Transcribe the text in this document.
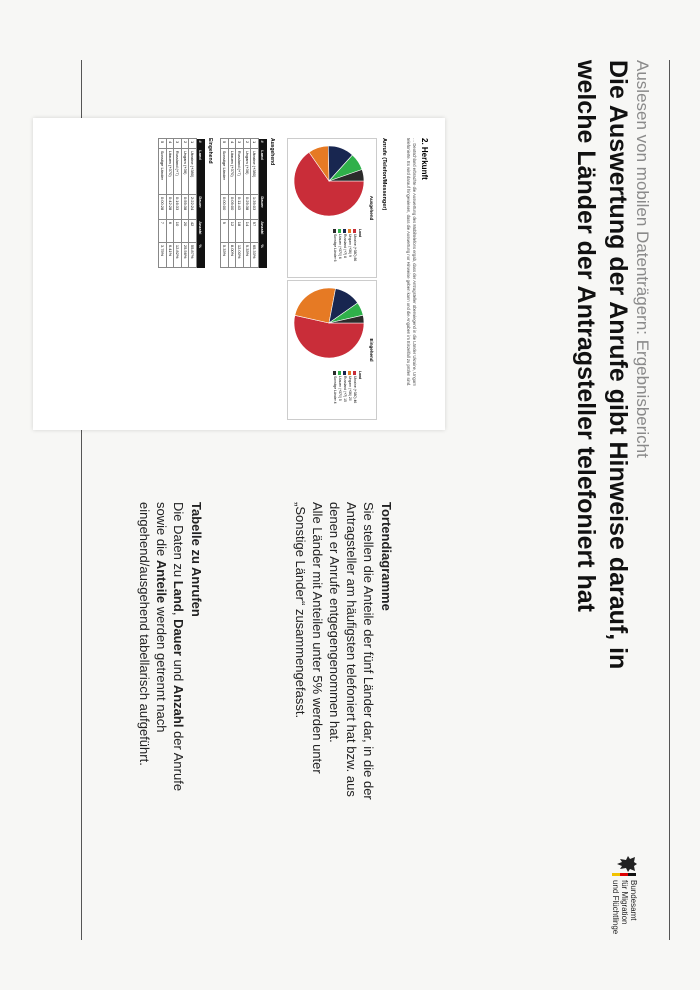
Auslesen von mobilen Datenträgern: Ergebnisbericht
Die Auswertung der Anrufe gibt Hinweise darauf, in welche Länder der Antragsteller telefoniert hat
Bundesamt
für Migration
und Flüchtlinge
Tortendiagramme

Sie stellen die Anteile der fünf Länder dar, in die der Antragsteller am häufigsten telefoniert hat bzw. aus denen er Anrufe entgegengenommen hat.

Alle Länder mit Anteilen unter 5% werden unter „Sonstige Länder“ zusammengefasst.

Tabelle zu Anrufen

Die Daten zu Land, Dauer und Anzahl der Anrufe sowie die Anteile werden getrennt nach eingehend/ausgehend tabellarisch aufgeführt.

2. Herkunft
… Deutschland erbrachte die Auswertung des Mobiltelefons ergab, dass der Antragsteller überwiegend in die Länder Ukraine, Ungarn telefonierte. Es wird darauf hingewiesen, dass die Auswertung nur Hinweise geben kann und die Angaben im Einzelfall zu prüfen sind.
Anrufe (Telefon/Messenger)
Ausgehend
Land
Ukraine (+380) 86
Ungarn (+36) 9
Russland (+7) 8
Litauen (+370) 6
Sonstige Länder 6
Eingehend
Land
Ukraine (+380) 46
Ungarn (+36) 20
Russland (+7) 15
Litauen (+370) 5
Sonstige Länder 4
Ausgehend
#	Land	Dauer	Anzahl	%
1	Ukraine (+380)	1:39:03	97	65.33%
2	Ungarn (+36)	0:29:38	14	9.33%
3	Russland (+7)	0:11:43	18	12.00%
4	Litauen (+370)	0:09:00	12	8.00%
5	Sonstige Länder	0:00:00	9	5.33%
Eingehend
#	Land	Dauer	Anzahl	%
1	Ukraine (+380)	2:22:24	42	55.87%
2	Ungarn (+36)	0:59:38	20	25.56%
3	Russland (+7)	0:16:33	10	12.82%
4	Litauen (+370)	0:42:28	6	6.41%
5	Sonstige Länder	0:00:28	7	3.75%
